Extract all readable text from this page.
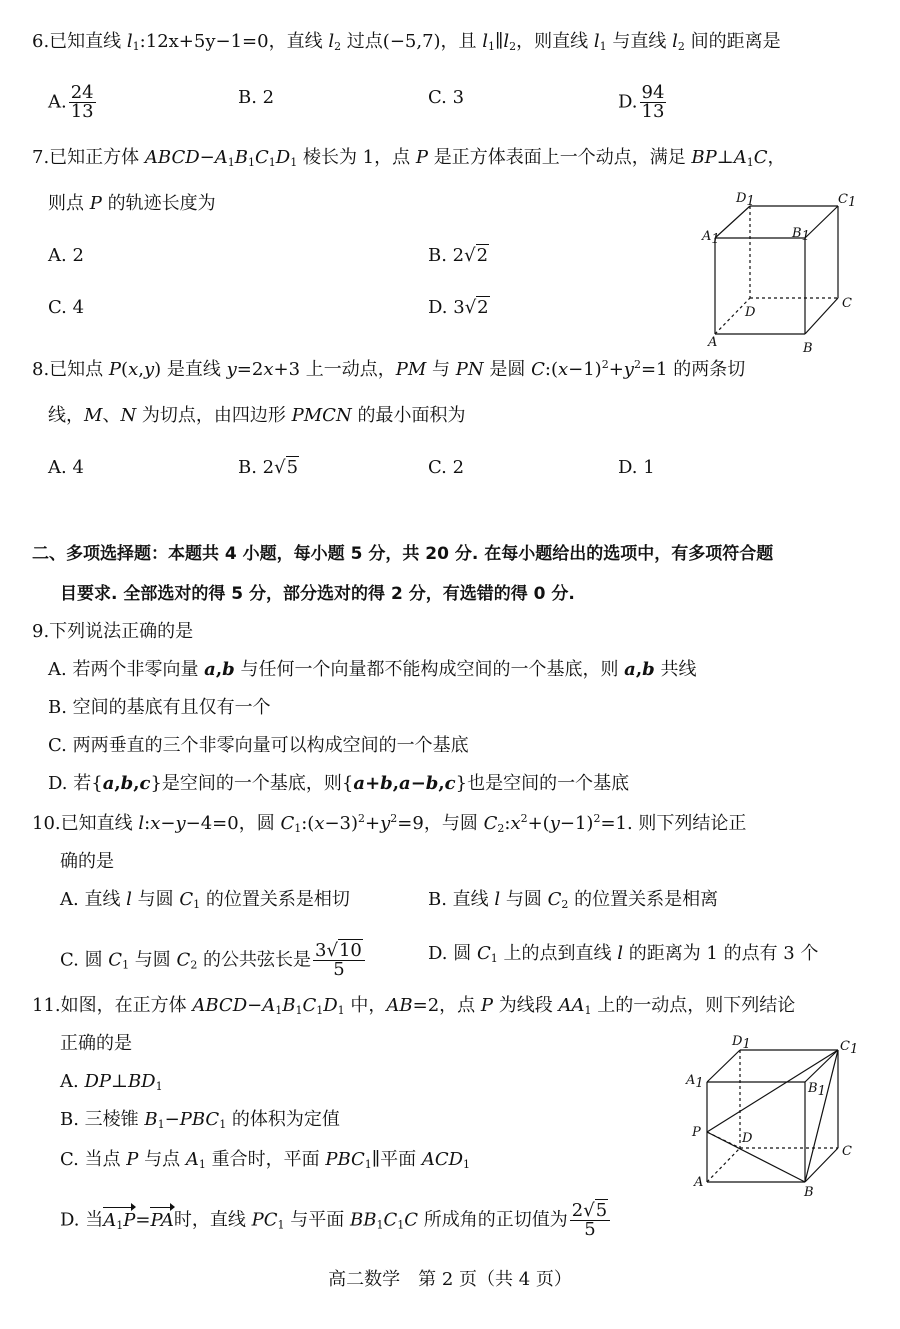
6.已知直线 $l_1:12x+5y-1=0$，直线 $l_2$ 过点(−5,7)，且 $l_1\parallel l_2$，则直线 $l_1$ 与直线 $l_2$ 间的距离是
A. $\frac{24}{13}$	B. 2	C. 3	D. $\frac{94}{13}$
7.已知正方体 $ABCD-A_1B_1C_1D_1$ 棱长为 1，点 P 是正方体表面上一个动点，满足 $BP\perp A_1C$，
则点 P 的轨迹长度为
A. 2	B. 2√2
C. 4	D. 3√2
D1	C1
A1	B1
C
D
A	B
8.已知点 P(x,y) 是直线 y=2x+3 上一动点，PM 与 PN 是圆 $C:(x-1)^2+y^2=1$ 的两条切
线，M、N 为切点，由四边形 PMCN 的最小面积为
A. 4	B. 2√5	C. 2	D. 1
二、多项选择题：本题共 4 小题，每小题 5 分，共 20 分. 在每小题给出的选项中，有多项符合题
目要求. 全部选对的得 5 分，部分选对的得 2 分，有选错的得 0 分.
9.下列说法正确的是
A. 若两个非零向量 a,b 与任何一个向量都不能构成空间的一个基底，则 a,b 共线
B. 空间的基底有且仅有一个
C. 两两垂直的三个非零向量可以构成空间的一个基底
D. 若{a,b,c}是空间的一个基底，则{a+b,a−b,c}也是空间的一个基底
10.已知直线 l:x−y−4=0，圆 $C_1:(x-3)^2+y^2=9$，与圆 $C_2:x^2+(y-1)^2=1$. 则下列结论正
确的是
A. 直线 l 与圆 $C_1$ 的位置关系是相切	B. 直线 l 与圆 $C_2$ 的位置关系是相离
C. 圆 $C_1$ 与圆 $C_2$ 的公共弦长是 $\frac{3√10}{5}$	D. 圆 $C_1$ 上的点到直线 l 的距离为 1 的点有 3 个
11.如图，在正方体 $ABCD-A_1B_1C_1D_1$ 中，AB=2，点 P 为线段 $AA_1$ 上的一动点，则下列结论
正确的是
A. $DP\perp BD_1$
B. 三棱锥 $B_1-PBC_1$ 的体积为定值
C. 当点 P 与点 $A_1$ 重合时，平面 $PBC_1\parallel$平面 $ACD_1$
D. 当$A_1P=PA$时，直线 $PC_1$ 与平面 $BB_1C_1C$ 所成角的正切值为 $\frac{2√5}{5}$
D1	C1
A1	B1
P	D
C
A
B
高二数学　第 2 页（共 4 页）
